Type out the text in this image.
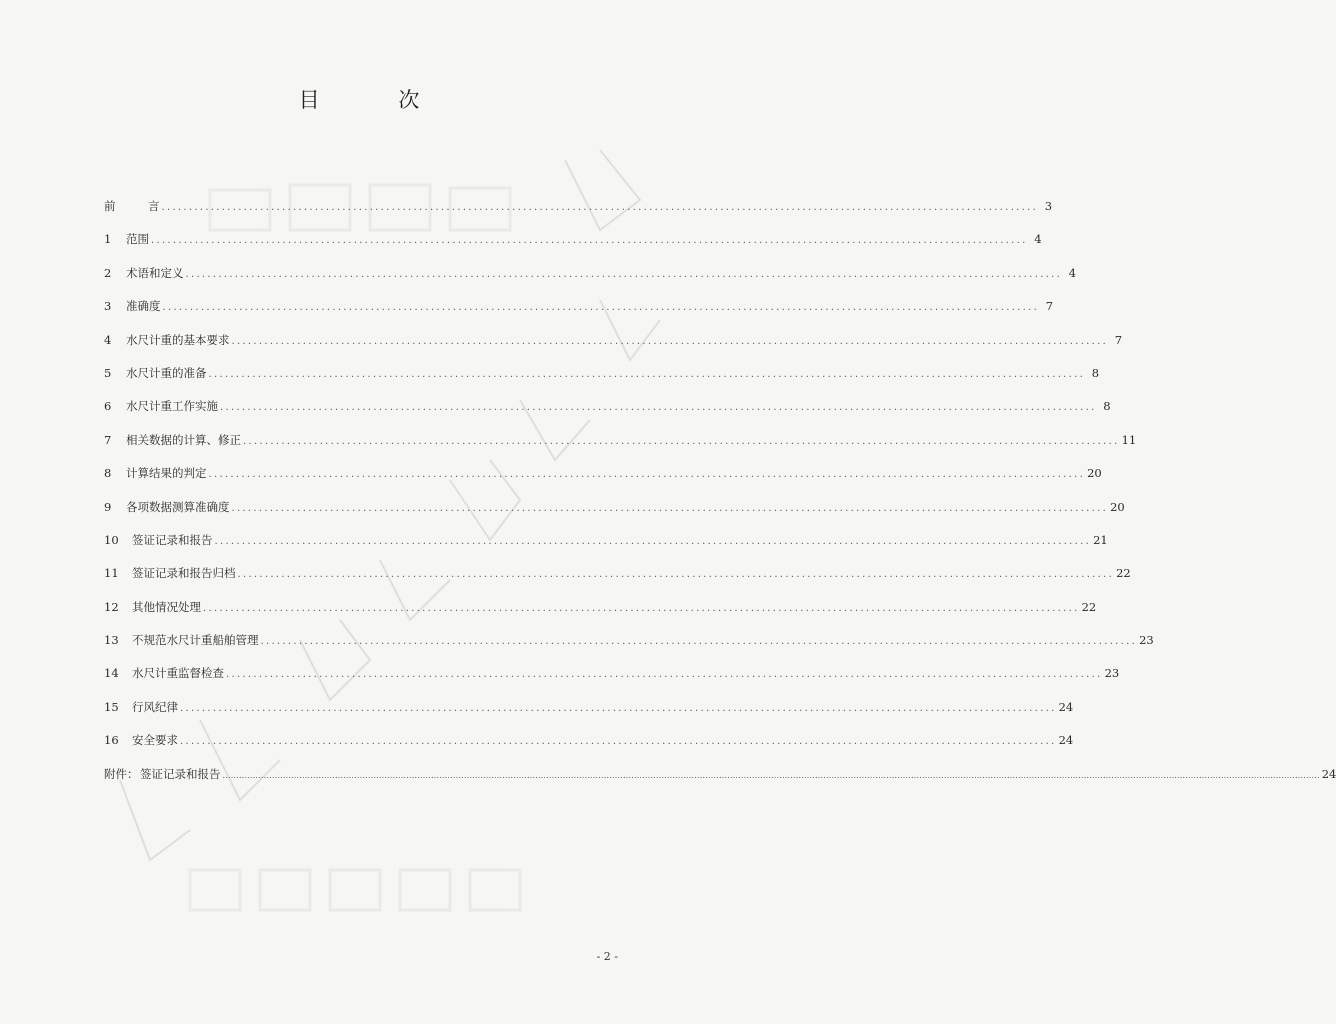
目 次
前	言 ................................................................................................................................................................ 3
1	范围 ................................................................................................................................................................ 4
2	术语和定义 ................................................................................................................................................................ 4
3	准确度 ................................................................................................................................................................ 7
4	水尺计重的基本要求 ................................................................................................................................................................ 7
5	水尺计重的准备 ................................................................................................................................................................ 8
6	水尺计重工作实施 ................................................................................................................................................................ 8
7	相关数据的计算、修正 ................................................................................................................................................................ 11
8	计算结果的判定 ................................................................................................................................................................ 20
9	各项数据测算准确度 ................................................................................................................................................................ 20
10	签证记录和报告 ................................................................................................................................................................ 21
11	签证记录和报告归档 ................................................................................................................................................................ 22
12	其他情况处理 ................................................................................................................................................................ 22
13	不规范水尺计重船舶管理 ................................................................................................................................................................ 23
14	水尺计重监督检查 ................................................................................................................................................................ 23
15	行风纪律 ................................................................................................................................................................ 24
16	安全要求 ................................................................................................................................................................ 24
附件： 签证记录和报告 ................................................................................................................................................................................................................................................................................................................................................................................................................ 24
- 2 -
